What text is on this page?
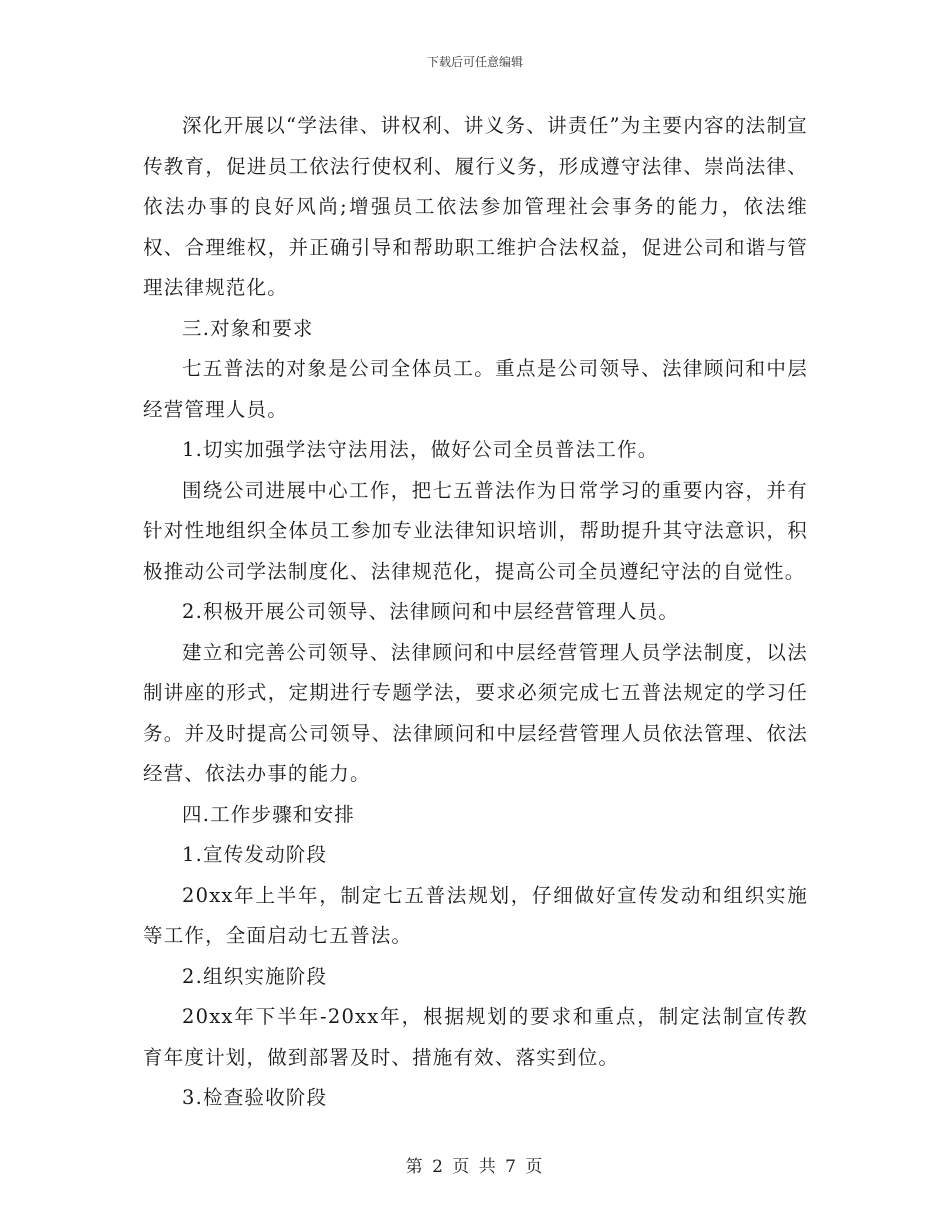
下载后可任意编辑

深化开展以“学法律、讲权利、讲义务、讲责任”为主要内容的法制宣传教育，促进员工依法行使权利、履行义务，形成遵守法律、崇尚法律、依法办事的良好风尚;增强员工依法参加管理社会事务的能力，依法维权、合理维权，并正确引导和帮助职工维护合法权益，促进公司和谐与管理法律规范化。

三.对象和要求

七五普法的对象是公司全体员工。重点是公司领导、法律顾问和中层经营管理人员。

1.切实加强学法守法用法，做好公司全员普法工作。

围绕公司进展中心工作，把七五普法作为日常学习的重要内容，并有针对性地组织全体员工参加专业法律知识培训，帮助提升其守法意识，积极推动公司学法制度化、法律规范化，提高公司全员遵纪守法的自觉性。

2.积极开展公司领导、法律顾问和中层经营管理人员。

建立和完善公司领导、法律顾问和中层经营管理人员学法制度，以法制讲座的形式，定期进行专题学法，要求必须完成七五普法规定的学习任务。并及时提高公司领导、法律顾问和中层经营管理人员依法管理、依法经营、依法办事的能力。

四.工作步骤和安排

1.宣传发动阶段

20xx年上半年，制定七五普法规划，仔细做好宣传发动和组织实施等工作，全面启动七五普法。

2.组织实施阶段

20xx年下半年-20xx年，根据规划的要求和重点，制定法制宣传教育年度计划，做到部署及时、措施有效、落实到位。

3.检查验收阶段

第 2 页 共 7 页
